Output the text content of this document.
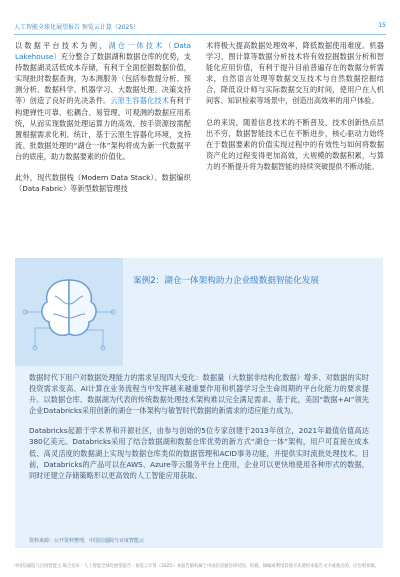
人工智能全球化展望报告 预览云计算（2025）	15

以数据平台技术为例，湖仓一体技术（Data Lakehouse）充分整合了数据湖和数据仓库的优势，支持数据湖灵活低成本存储，有利于全面挖掘数据价值，实现批时数据查询，为本测服务（包括参数提分析、预测分析、数据科学、机器学习、大数据处理、决策支持等）创造了良好的先决条件。云原生容器化技术有利于构建弹性可靠、松耦合、易管理、可观测的数据应用系统，从而实现数据处理运算力的高效、按手资源按需配置根据需求化利、统计，基于云原生容器化环境，支持流、批数据处理的“湖仓一体”架构将成为新一代数据平台的底座，助力数据要素的价值化。

此外，现代数据栈（Modern Data Stack）、数据编织（Data Fabric）等新型数据管理技

术将极大提高数据处理效率，降低数据使用难度。机器学习、图计算等数据分析技术将有效挖掘数据分析和智能化应用价值，有利于提升目前普遍存在的数据分析需求，自然语言处理等数据交互技术与自然数据挖掘结合，降低设计师与实际数据交互的时间，使用户在人机间客、知识检索等场景中，创造出高效率的用户体验。

总的来说，随着信息技术的不断普及，技术创新热点层出不穷，数据智能技术已在不断进步，核心驱动力始终在于数据要素的价值实现过程中的有效性与如何将数据资产化的过程变得更加高效，大规模的数据积累，与算力的不断提升将为数据智能的持续突破提供不断动能。

案例2：湖仓一体架构助力企业级数据智能化发展

数据时代下用户对数据处理能力的需求呈现四大变化：数据量（大数据非结构化数据）增多、对数据的实时投资需求变高、AI计算在业务流程当中发挥越来越重要作用和机器学习全生命周期的平台化能力的要求提升。以数据仓库、数据湖为代表的传统数据处理技术架构难以完全满足需求。基于此，美国“数据+AI”领先企业Databricks采用创新的湖仓一体架构与敏智时代数据的新需求的适应能力成为。

Databricks起源于学术界和开源社区，由参与创始的5位专家创建于2013年创立，2021年最值估值高达380亿美元。Databricks采用了结合数据湖和数据仓库优势的新方式“湖仓一体”架构，用户可直接在成本低、高灵活度的数据湖上实现与数据仓库类似的数据管理和ACID事务功能，并提供实时流批处理技术。目前，Databricks的产品可以在AWS、Azure等云服务平台上使用，企业可以更快地使用各种形式的数据，同时还建立存储策略形以更高效的人工智能应用获取。

资料来源：公开资料整理，中国信通院与百度智能云
中国信通院与百度智能云 联合发布 · 人工智能全球化展望报告 · 预览云计算（2025）· 本报告版权属于中国信息通信研究院，转载、摘编或利用其他方式使用本报告文字或观点的，应注明来源。
